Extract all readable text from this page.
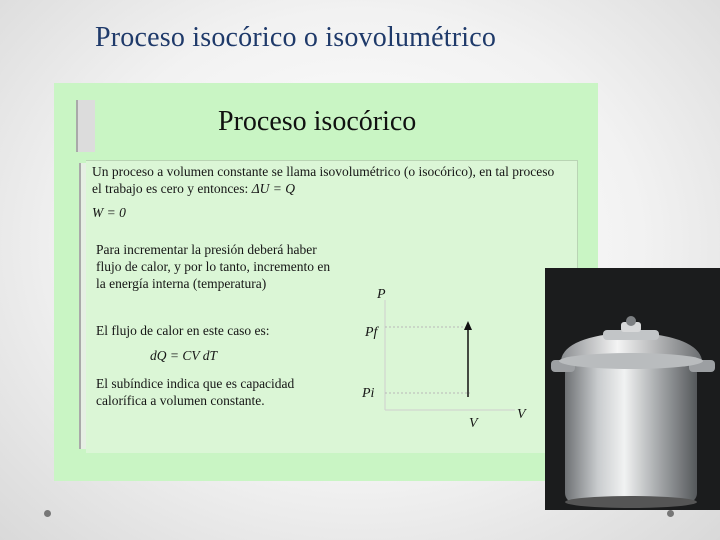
Proceso isocórico o isovolumétrico
Proceso isocórico
Un proceso a volumen constante se llama isovolumétrico (o isocórico), en tal proceso el trabajo es cero y entonces: ΔU = Q
W = 0
Para incrementar la presión deberá haber flujo de calor, y por lo tanto, incremento en la energía interna (temperatura)
El flujo de calor en este caso es:
dQ = CV dT
El subíndice indica que es capacidad calorífica a volumen constante.
P
Pf
Pi
V
V
